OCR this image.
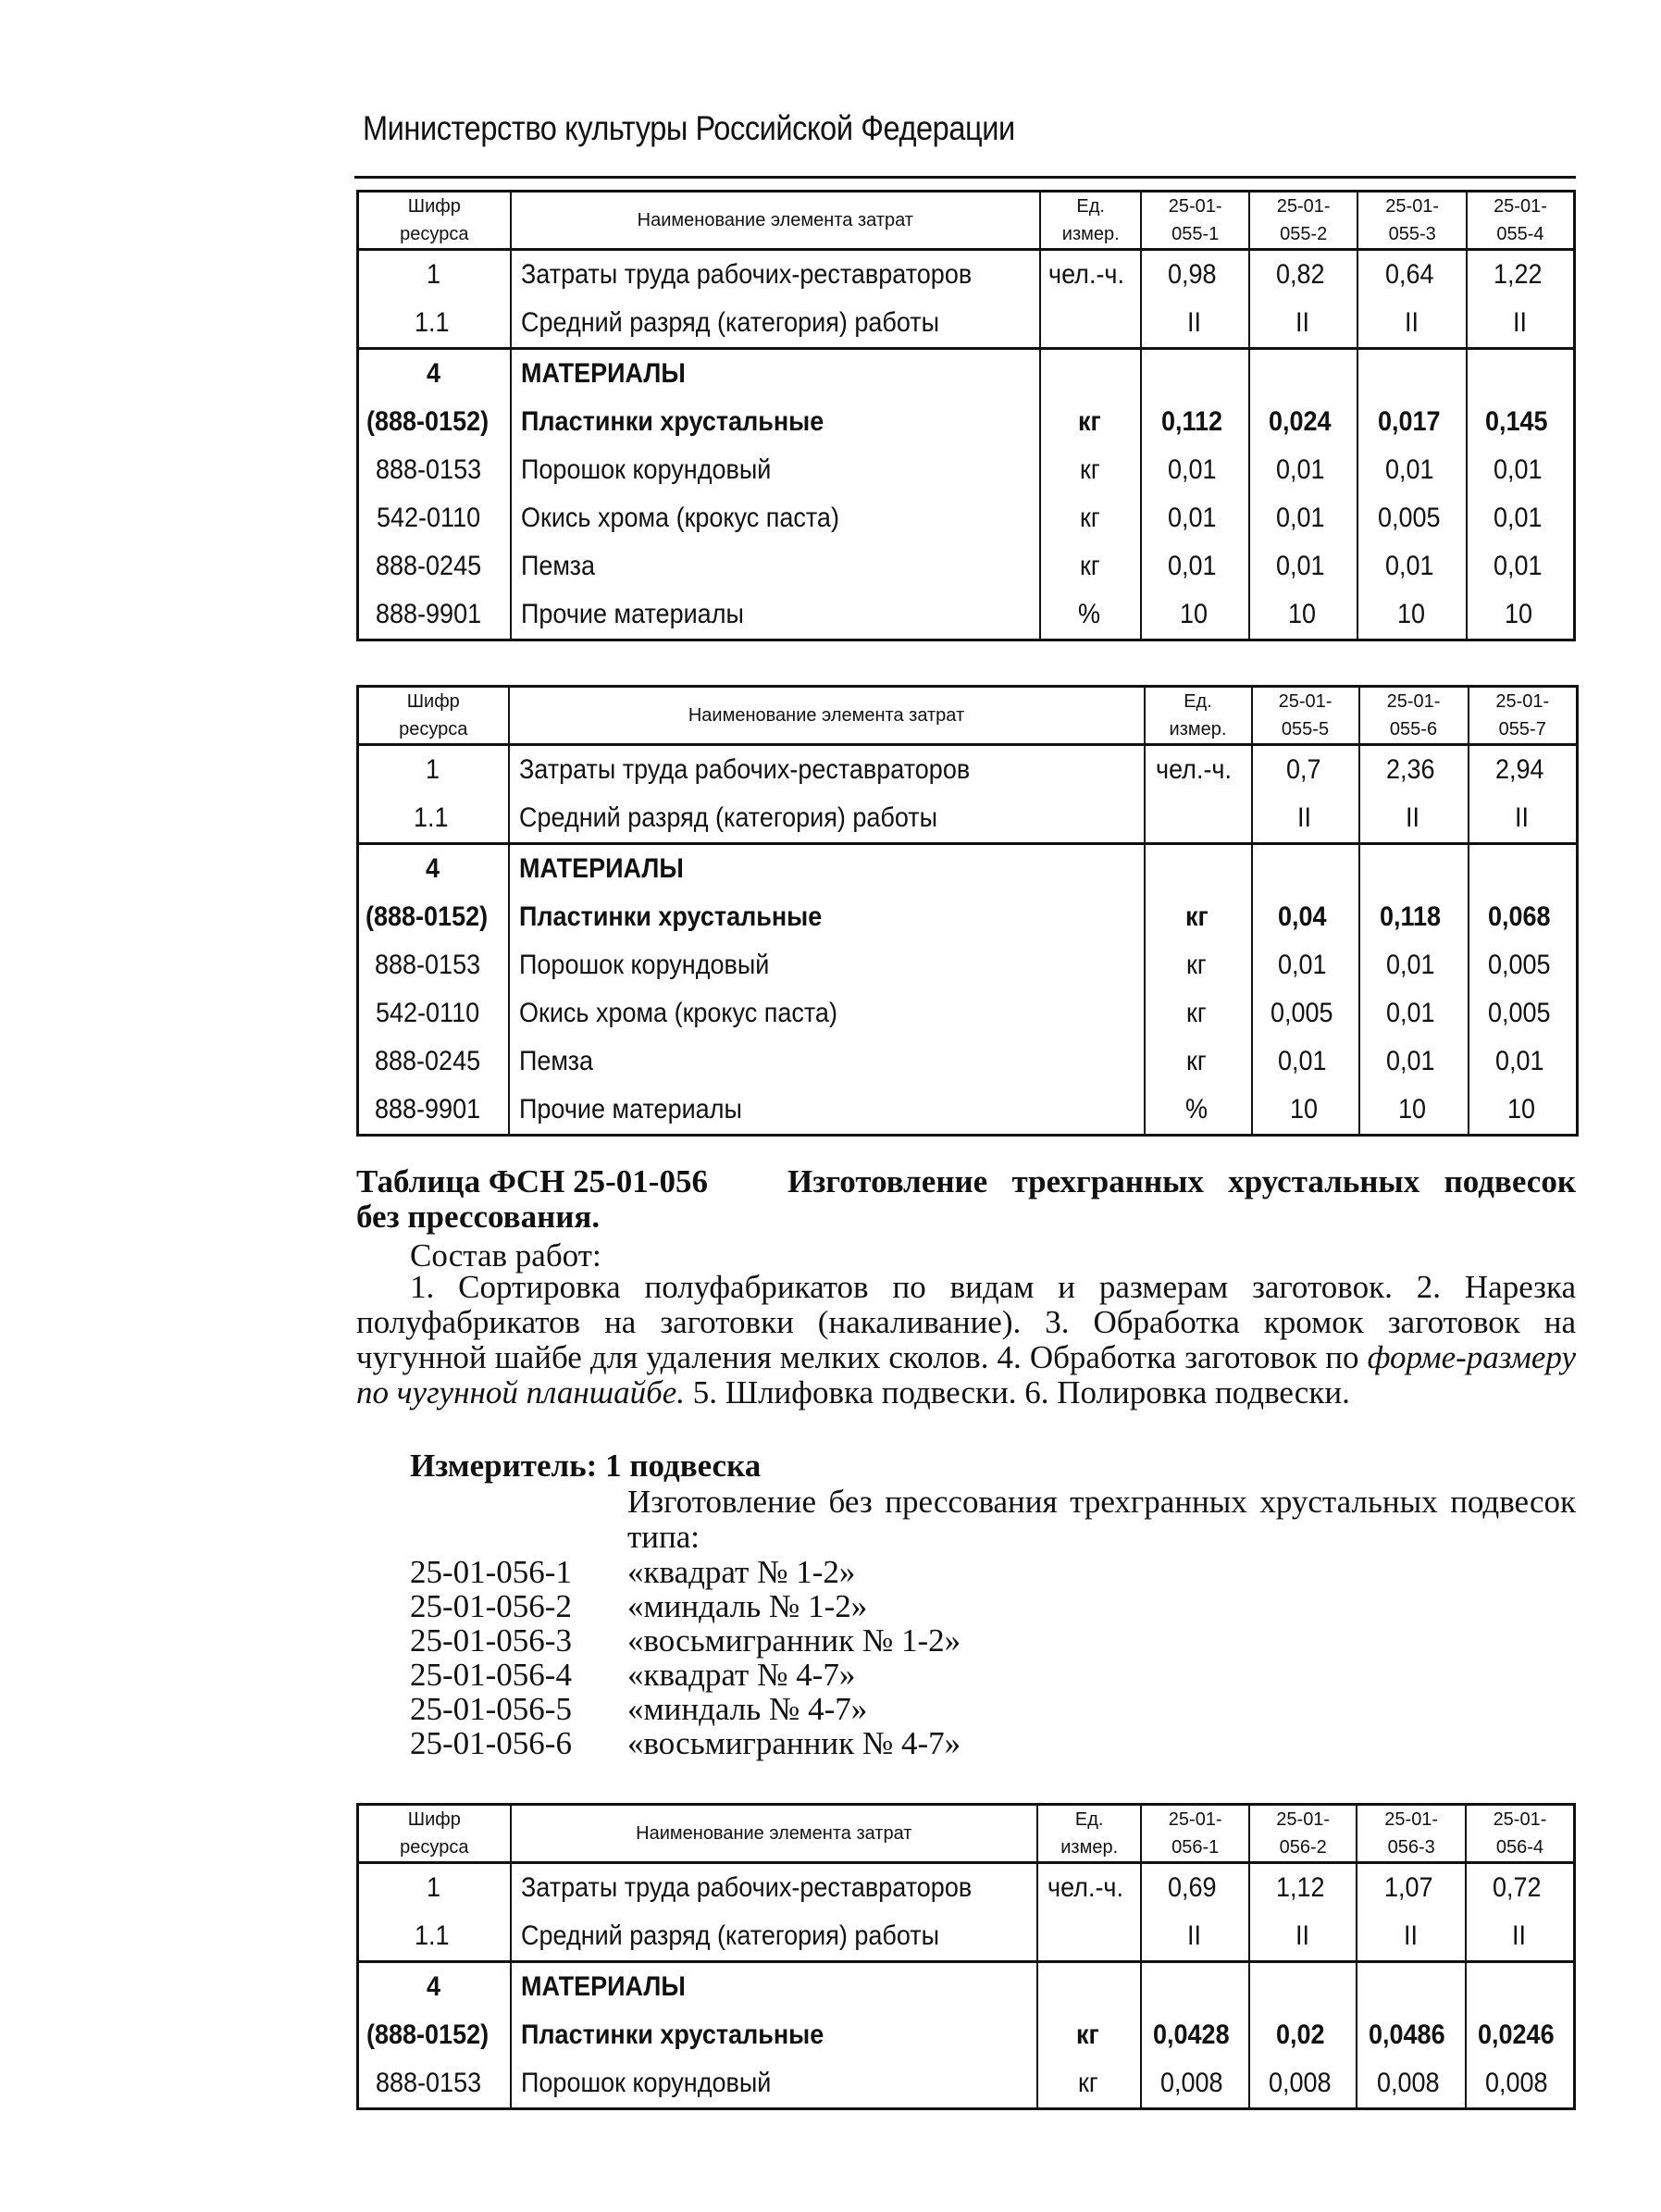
Министерство культуры Российской Федерации
Шифр ресурса	Наименование элемента затрат	Ед. измер.	25-01-055-1	25-01-055-2	25-01-055-3	25-01-055-4
1	Затраты труда рабочих-реставраторов	чел.-ч.	0,98	0,82	0,64	1,22
1.1	Средний разряд (категория) работы		II	II	II	II
4	МАТЕРИАЛЫ					
(888-0152)	Пластинки хрустальные	кг	0,112	0,024	0,017	0,145
888-0153	Порошок корундовый	кг	0,01	0,01	0,01	0,01
542-0110	Окись хрома (крокус паста)	кг	0,01	0,01	0,005	0,01
888-0245	Пемза	кг	0,01	0,01	0,01	0,01
888-9901	Прочие материалы	%	10	10	10	10
Шифр ресурса	Наименование элемента затрат	Ед. измер.	25-01-055-5	25-01-055-6	25-01-055-7
1	Затраты труда рабочих-реставраторов	чел.-ч.	0,7	2,36	2,94
1.1	Средний разряд (категория) работы		II	II	II
4	МАТЕРИАЛЫ				
(888-0152)	Пластинки хрустальные	кг	0,04	0,118	0,068
888-0153	Порошок корундовый	кг	0,01	0,01	0,005
542-0110	Окись хрома (крокус паста)	кг	0,005	0,01	0,005
888-0245	Пемза	кг	0,01	0,01	0,01
888-9901	Прочие материалы	%	10	10	10
Таблица ФСН 25-01-056 Изготовление трехгранных хрустальных подвесок без прессования.
Состав работ:
1. Сортировка полуфабрикатов по видам и размерам заготовок. 2. Нарезка полуфабрикатов на заготовки (накаливание). 3. Обработка кромок заготовок на чугунной шайбе для удаления мелких сколов. 4. Обработка заготовок по форме-размеру по чугунной планшайбе. 5. Шлифовка подвески. 6. Полировка подвески.
Измеритель: 1 подвеска
Изготовление без прессования трехгранных хрустальных подвесок типа:
25-01-056-1	«квадрат № 1-2»
25-01-056-2	«миндаль № 1-2»
25-01-056-3	«восьмигранник № 1-2»
25-01-056-4	«квадрат № 4-7»
25-01-056-5	«миндаль № 4-7»
25-01-056-6	«восьмигранник № 4-7»
Шифр ресурса	Наименование элемента затрат	Ед. измер.	25-01-056-1	25-01-056-2	25-01-056-3	25-01-056-4
1	Затраты труда рабочих-реставраторов	чел.-ч.	0,69	1,12	1,07	0,72
1.1	Средний разряд (категория) работы		II	II	II	II
4	МАТЕРИАЛЫ					
(888-0152)	Пластинки хрустальные	кг	0,0428	0,02	0,0486	0,0246
888-0153	Порошок корундовый	кг	0,008	0,008	0,008	0,008
